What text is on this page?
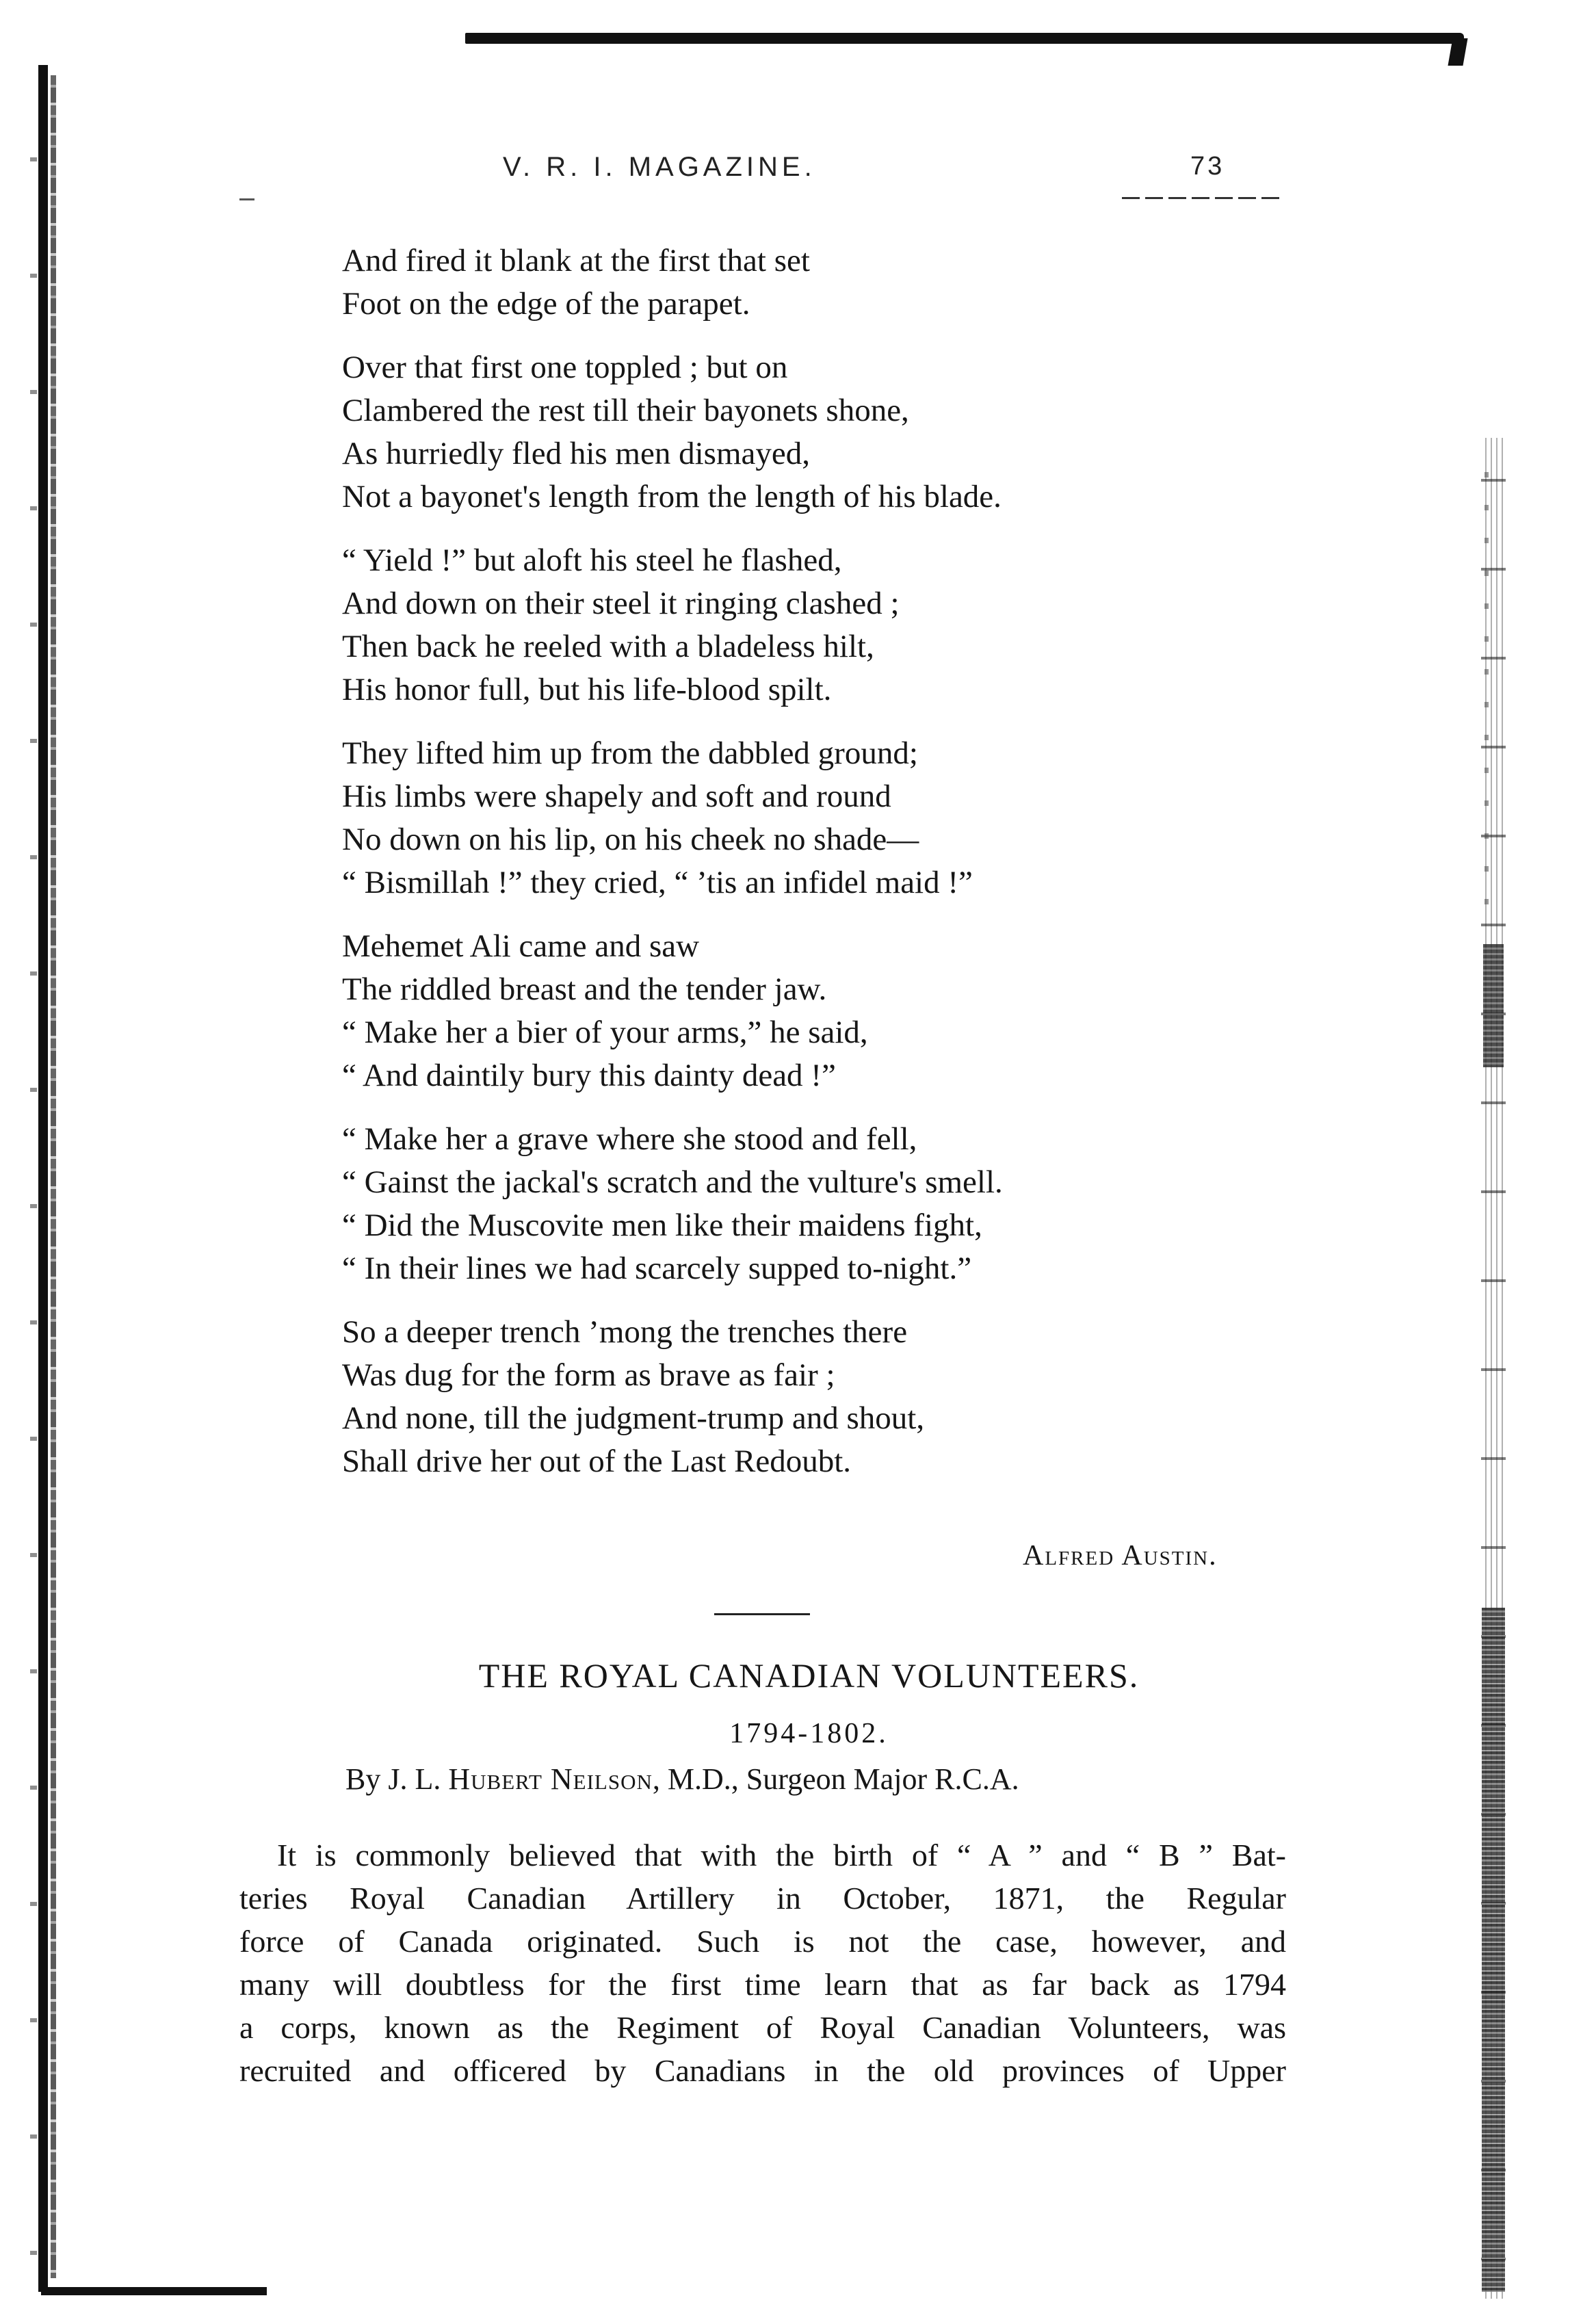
V. R. I. MAGAZINE.	73
And fired it blank at the first that set
Foot on the edge of the parapet.
Over that first one toppled ; but on
Clambered the rest till their bayonets shone,
As hurriedly fled his men dismayed,
Not a bayonet's length from the length of his blade.
“ Yield !” but aloft his steel he flashed,
And down on their steel it ringing clashed ;
Then back he reeled with a bladeless hilt,
His honor full, but his life-blood spilt.
They lifted him up from the dabbled ground;
His limbs were shapely and soft and round
No down on his lip, on his cheek no shade—
“ Bismillah !” they cried, “ ’tis an infidel maid !”
Mehemet Ali came and saw
The riddled breast and the tender jaw.
“ Make her a bier of your arms,” he said,
“ And daintily bury this dainty dead !”
“ Make her a grave where she stood and fell,
“ Gainst the jackal's scratch and the vulture's smell.
“ Did the Muscovite men like their maidens fight,
“ In their lines we had scarcely supped to-night.”
So a deeper trench ’mong the trenches there
Was dug for the form as brave as fair ;
And none, till the judgment-trump and shout,
Shall drive her out of the Last Redoubt.
Alfred Austin.
THE ROYAL CANADIAN VOLUNTEERS.
1794-1802.
By J. L. Hubert Neilson, M.D., Surgeon Major R.C.A.
It is commonly believed that with the birth of “ A ” and “ B ” Bat-
teries Royal Canadian Artillery in October, 1871, the Regular
force of Canada originated. Such is not the case, however, and
many will doubtless for the first time learn that as far back as 1794
a corps, known as the Regiment of Royal Canadian Volunteers, was
recruited and officered by Canadians in the old provinces of Upper
